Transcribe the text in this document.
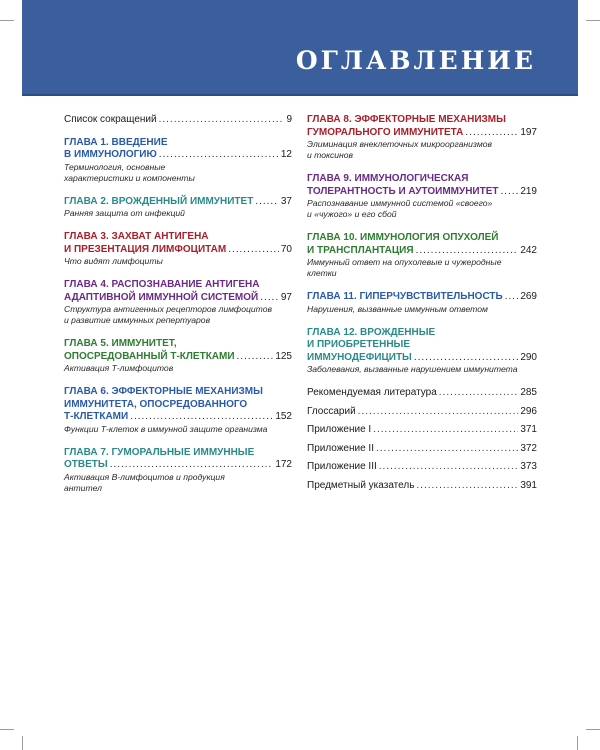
ОГЛАВЛЕНИЕ
Список сокращений .....	9
ГЛАВА 1. ВВЕДЕНИЕ
В ИММУНОЛОГИЮ .....	12
Терминология, основные
характеристики и компоненты
ГЛАВА 2. ВРОЖДЕННЫЙ ИММУНИТЕТ .....	37
Ранняя защита от инфекций
ГЛАВА 3. ЗАХВАТ АНТИГЕНА
И ПРЕЗЕНТАЦИЯ ЛИМФОЦИТАМ .....	70
Что видят лимфоциты
ГЛАВА 4. РАСПОЗНАВАНИЕ АНТИГЕНА
АДАПТИВНОЙ ИММУННОЙ СИСТЕМОЙ ..... 97
Структура антигенных рецепторов лимфоцитов
и развитие иммунных репертуаров
ГЛАВА 5. ИММУНИТЕТ,
ОПОСРЕДОВАННЫЙ Т-КЛЕТКАМИ .....	125
Активация Т-лимфоцитов
ГЛАВА 6. ЭФФЕКТОРНЫЕ МЕХАНИЗМЫ
ИММУНИТЕТА, ОПОСРЕДОВАННОГО
Т-КЛЕТКАМИ .....	152
Функции Т-клеток в иммунной защите организма
ГЛАВА 7. ГУМОРАЛЬНЫЕ ИММУННЫЕ
ОТВЕТЫ .....	172
Активация В-лимфоцитов и продукция
антител
ГЛАВА 8. ЭФФЕКТОРНЫЕ МЕХАНИЗМЫ
ГУМОРАЛЬНОГО ИММУНИТЕТА .....	197
Элиминация внеклеточных микроорганизмов
и токсинов
ГЛАВА 9. ИММУНОЛОГИЧЕСКАЯ
ТОЛЕРАНТНОСТЬ И АУТОИММУНИТЕТ ..... 219
Распознавание иммунной системой «своего»
и «чужого» и его сбой
ГЛАВА 10. ИММУНОЛОГИЯ ОПУХОЛЕЙ
И ТРАНСПЛАНТАЦИЯ .....	242
Иммунный ответ на опухолевые и чужеродные
клетки
ГЛАВА 11. ГИПЕРЧУВСТВИТЕЛЬНОСТЬ ..... 269
Нарушения, вызванные иммунным ответом
ГЛАВА 12. ВРОЖДЕННЫЕ
И ПРИОБРЕТЕННЫЕ
ИММУНОДЕФИЦИТЫ .....	290
Заболевания, вызванные нарушением иммунитета
Рекомендуемая литература .....	285
Глоссарий .....	296
Приложение I .....	371
Приложение II .....	372
Приложение III .....	373
Предметный указатель .....	391
